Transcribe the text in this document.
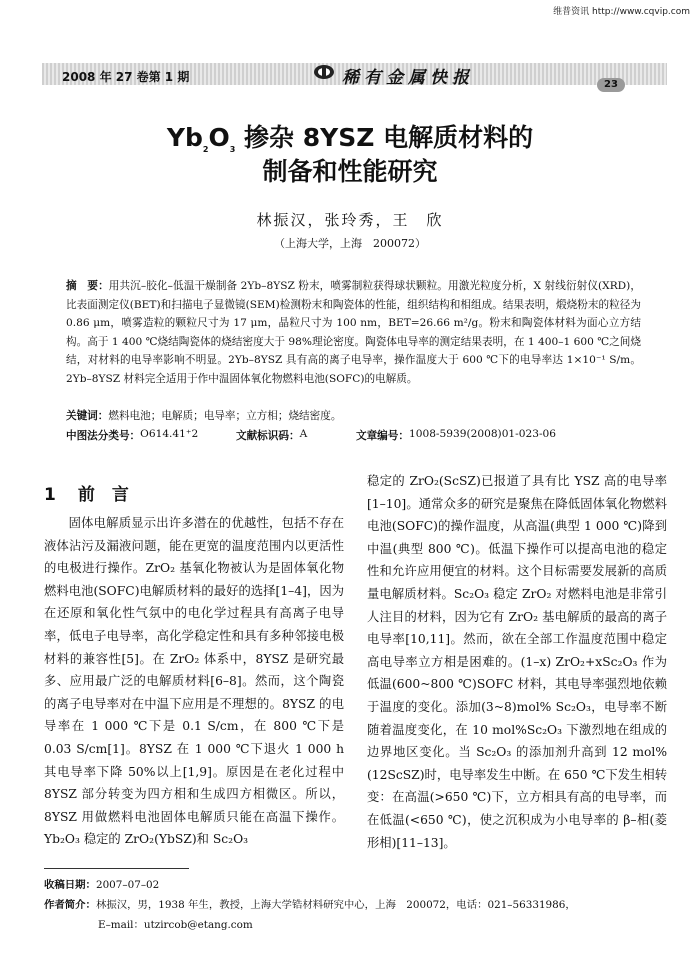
维普资讯 http://www.cqvip.com
2008 年 27 卷第 1 期	稀有金属快报	23
$Yb_2O_3$ 掺杂 8YSZ 电解质材料的
制备和性能研究
林振汉，张玲秀，王　欣
（上海大学，上海　200072）
摘　要：用共沉–胶化–低温干燥制备 2Yb–8YSZ 粉末，喷雾制粒获得球状颗粒。用激光粒度分析，X 射线衍射仪(XRD)，比表面测定仪(BET)和扫描电子显微镜(SEM)检测粉末和陶瓷体的性能，组织结构和相组成。结果表明，煅烧粉末的粒径为 0.86 μm，喷雾造粒的颗粒尺寸为 17 μm，晶粒尺寸为 100 nm，BET=26.66 m²/g。粉末和陶瓷体材料为面心立方结构。高于 1 400 ℃烧结陶瓷体的烧结密度大于 98%理论密度。陶瓷体电导率的测定结果表明，在 1 400–1 600 ℃之间烧结，对材料的电导率影响不明显。2Yb–8YSZ 具有高的离子电导率，操作温度大于 600 ℃下的电导率达 1×10⁻¹ S/m。2Yb–8YSZ 材料完全适用于作中温固体氧化物燃料电池(SOFC)的电解质。
关键词：燃料电池；电解质；电导率；立方相；烧结密度。
中图法分类号： O614.41⁺2	文献标识码： A	文章编号： 1008-5939(2008)01-023-06
1 前　言

固体电解质显示出许多潜在的优越性，包括不存在液体沾污及漏液问题，能在更宽的温度范围内以更活性的电极进行操作。ZrO₂ 基氧化物被认为是固体氧化物燃料电池(SOFC)电解质材料的最好的选择[1–4]，因为在还原和氧化性气氛中的电化学过程具有高离子电导率，低电子电导率，高化学稳定性和具有多种邻接电极材料的兼容性[5]。在 ZrO₂ 体系中，8YSZ 是研究最多、应用最广泛的电解质材料[6–8]。然而，这个陶瓷的离子电导率对在中温下应用是不理想的。8YSZ 的电导率在 1 000 ℃下是 0.1 S/cm，在 800 ℃下是 0.03 S/cm[1]。8YSZ 在 1 000 ℃下退火 1 000 h 其电导率下降 50%以上[1,9]。原因是在老化过程中 8YSZ 部分转变为四方相和生成四方相微区。所以，8YSZ 用做燃料电池固体电解质只能在高温下操作。Yb₂O₃ 稳定的 ZrO₂(YbSZ)和 Sc₂O₃

稳定的 ZrO₂(ScSZ)已报道了具有比 YSZ 高的电导率[1–10]。通常众多的研究是聚焦在降低固体氧化物燃料电池(SOFC)的操作温度，从高温(典型 1 000 ℃)降到中温(典型 800 ℃)。低温下操作可以提高电池的稳定性和允许应用便宜的材料。这个目标需要发展新的高质量电解质材料。Sc₂O₃ 稳定 ZrO₂ 对燃料电池是非常引人注目的材料，因为它有 ZrO₂ 基电解质的最高的离子电导率[10,11]。然而，欲在全部工作温度范围中稳定高电导率立方相是困难的。(1–x) ZrO₂+xSc₂O₃ 作为低温(600~800 ℃)SOFC 材料，其电导率强烈地依赖于温度的变化。添加(3~8)mol% Sc₂O₃，电导率不断随着温度变化，在 10 mol%Sc₂O₃ 下激烈地在组成的边界地区变化。当 Sc₂O₃ 的添加剂升高到 12 mol%(12ScSZ)时，电导率发生中断。在 650 ℃下发生相转变：在高温(>650 ℃)下，立方相具有高的电导率，而在低温(<650 ℃)，使之沉积成为小电导率的 β–相(菱形相)[11–13]。

收稿日期：2007–07–02
作者简介：林振汉，男，1938 年生，教授，上海大学锆材料研究中心，上海　200072，电话：021–56331986，
E–mail：utzircob@etang.com
